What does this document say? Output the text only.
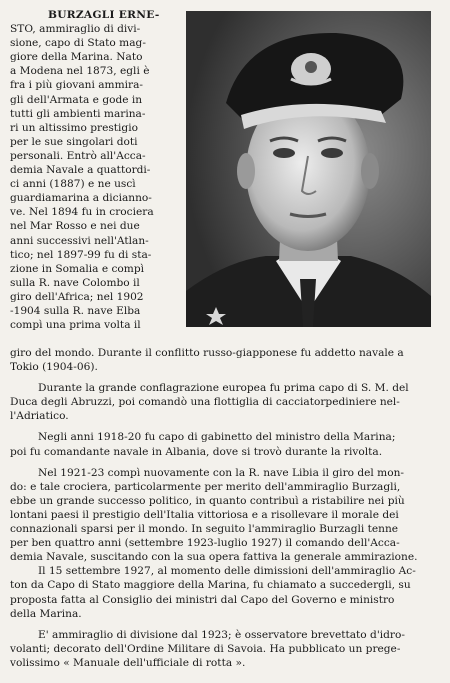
BURZAGLI ERNE-
STO, ammiraglio di divi-
sione, capo di Stato mag-
giore della Marina. Nato
a Modena nel 1873, egli è
fra i più giovani ammira-
gli dell'Armata e gode in
tutti gli ambienti marina-
ri un altissimo prestigio
per le sue singolari doti
personali. Entrò all'Acca-
demia Navale a quattordi-
ci anni (1887) e ne uscì
guardiamarina a dicianno-
ve. Nel 1894 fu in crociera
nel Mar Rosso e nei due
anni successivi nell'Atlan-
tico; nel 1897-99 fu di sta-
zione in Somalia e compì
sulla R. nave Colombo il
giro dell'Africa; nel 1902
-1904 sulla R. nave Elba
compì una prima volta il
giro del mondo. Durante il conflitto russo-giapponese fu addetto navale a
Tokio (1904-06).
Durante la grande conflagrazione europea fu prima capo di S. M. del
Duca degli Abruzzi, poi comandò una flottiglia di cacciatorpediniere nel-
l'Adriatico.
Negli anni 1918-20 fu capo di gabinetto del ministro della Marina;
poi fu comandante navale in Albania, dove si trovò durante la rivolta.
Nel 1921-23 compì nuovamente con la R. nave Libia il giro del mon-
do: e tale crociera, particolarmente per merito dell'ammiraglio Burzagli,
ebbe un grande successo politico, in quanto contribuì a ristabilire nei più
lontani paesi il prestigio dell'Italia vittoriosa e a risollevare il morale dei
connazionali sparsi per il mondo. In seguito l'ammiraglio Burzagli tenne
per ben quattro anni (settembre 1923-luglio 1927) il comando dell'Acca-
demia Navale, suscitando con la sua opera fattiva la generale ammirazione.
Il 15 settembre 1927, al momento delle dimissioni dell'ammiraglio Ac-
ton da Capo di Stato maggiore della Marina, fu chiamato a succedergli, su
proposta fatta al Consiglio dei ministri dal Capo del Governo e ministro
della Marina.
E' ammiraglio di divisione dal 1923; è osservatore brevettato d'idro-
volanti; decorato dell'Ordine Militare di Savoia. Ha pubblicato un prege-
volissimo « Manuale dell'ufficiale di rotta ».
